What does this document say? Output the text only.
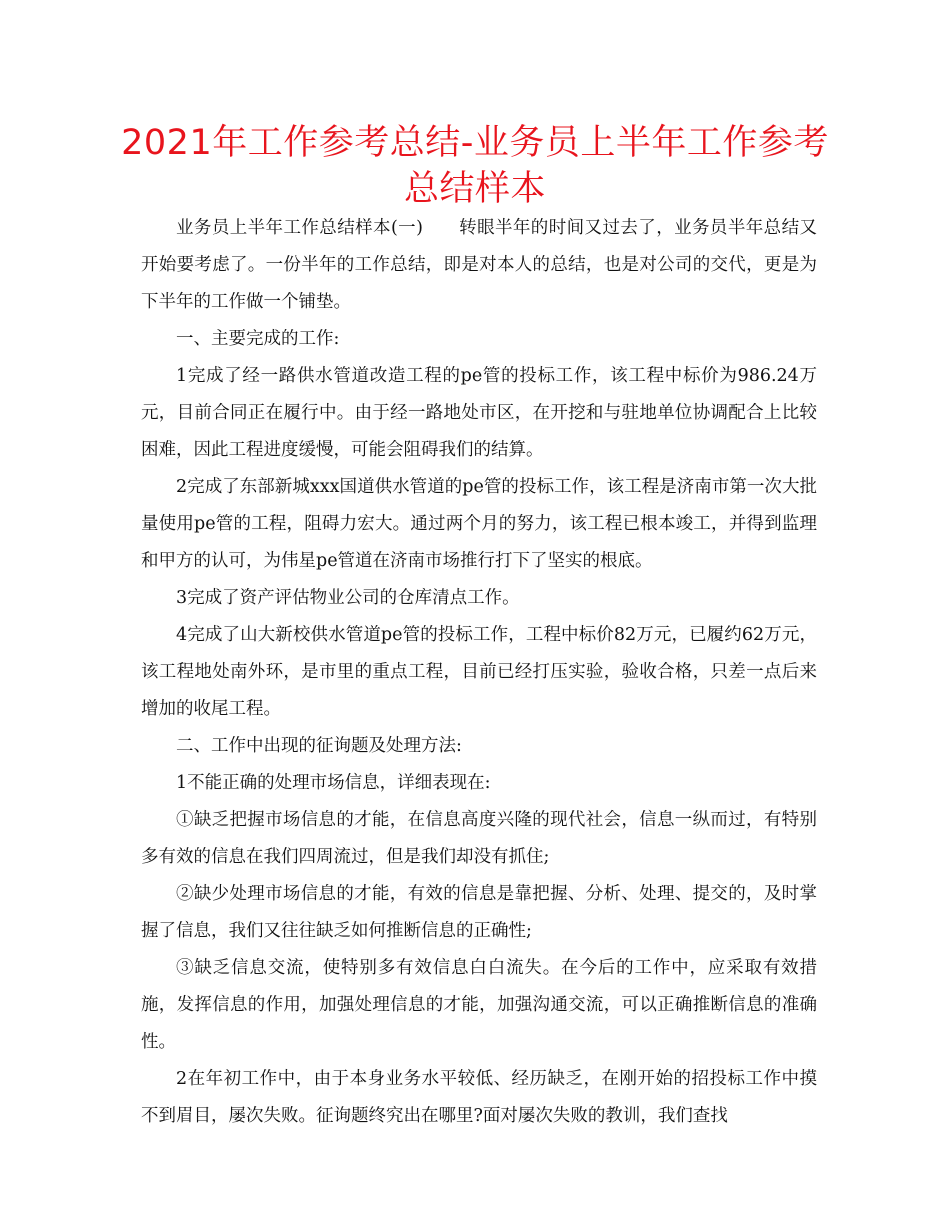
2021年工作参考总结-业务员上半年工作参考总结样本

业务员上半年工作总结样本(一)　　转眼半年的时间又过去了，业务员半年总结又开始要考虑了。一份半年的工作总结，即是对本人的总结，也是对公司的交代，更是为下半年的工作做一个铺垫。

一、主要完成的工作:

1完成了经一路供水管道改造工程的pe管的投标工作，该工程中标价为986.24万元，目前合同正在履行中。由于经一路地处市区，在开挖和与驻地单位协调配合上比较困难，因此工程进度缓慢，可能会阻碍我们的结算。

2完成了东部新城xxx国道供水管道的pe管的投标工作，该工程是济南市第一次大批量使用pe管的工程，阻碍力宏大。通过两个月的努力，该工程已根本竣工，并得到监理和甲方的认可，为伟星pe管道在济南市场推行打下了坚实的根底。

3完成了资产评估物业公司的仓库清点工作。

4完成了山大新校供水管道pe管的投标工作，工程中标价82万元，已履约62万元，该工程地处南外环，是市里的重点工程，目前已经打压实验，验收合格，只差一点后来增加的收尾工程。

二、工作中出现的征询题及处理方法:

1不能正确的处理市场信息，详细表现在:

①缺乏把握市场信息的才能，在信息高度兴隆的现代社会，信息一纵而过，有特别多有效的信息在我们四周流过，但是我们却没有抓住;

②缺少处理市场信息的才能，有效的信息是靠把握、分析、处理、提交的，及时掌握了信息，我们又往往缺乏如何推断信息的正确性;

③缺乏信息交流，使特别多有效信息白白流失。在今后的工作中，应采取有效措施，发挥信息的作用，加强处理信息的才能，加强沟通交流，可以正确推断信息的准确性。

2在年初工作中，由于本身业务水平较低、经历缺乏，在刚开始的招投标工作中摸不到眉目，屡次失败。征询题终究出在哪里?面对屡次失败的教训，我们查找
